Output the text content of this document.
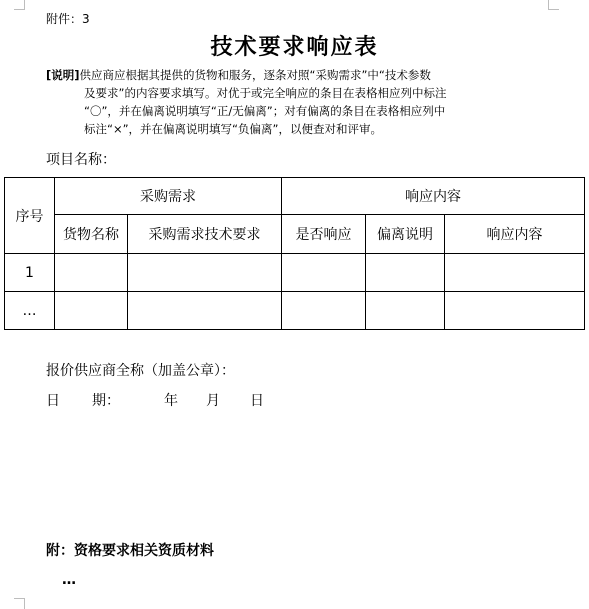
附件：3
技术要求响应表
[说明]供应商应根据其提供的货物和服务，逐条对照“采购需求”中“技术参数
及要求”的内容要求填写。对优于或完全响应的条目在表格相应列中标注
“〇”，并在偏离说明填写“正/无偏离”；对有偏离的条目在表格相应列中
标注“×”，并在偏离说明填写“负偏离”，以便查对和评审。
项目名称：
序号	采购需求		响应内容		
	货物名称	采购需求技术要求	是否响应	偏离说明	响应内容
1					
…					
报价供应商全称（加盖公章）：
日 期：	年 月 日
附：资格要求相关资质材料
…
